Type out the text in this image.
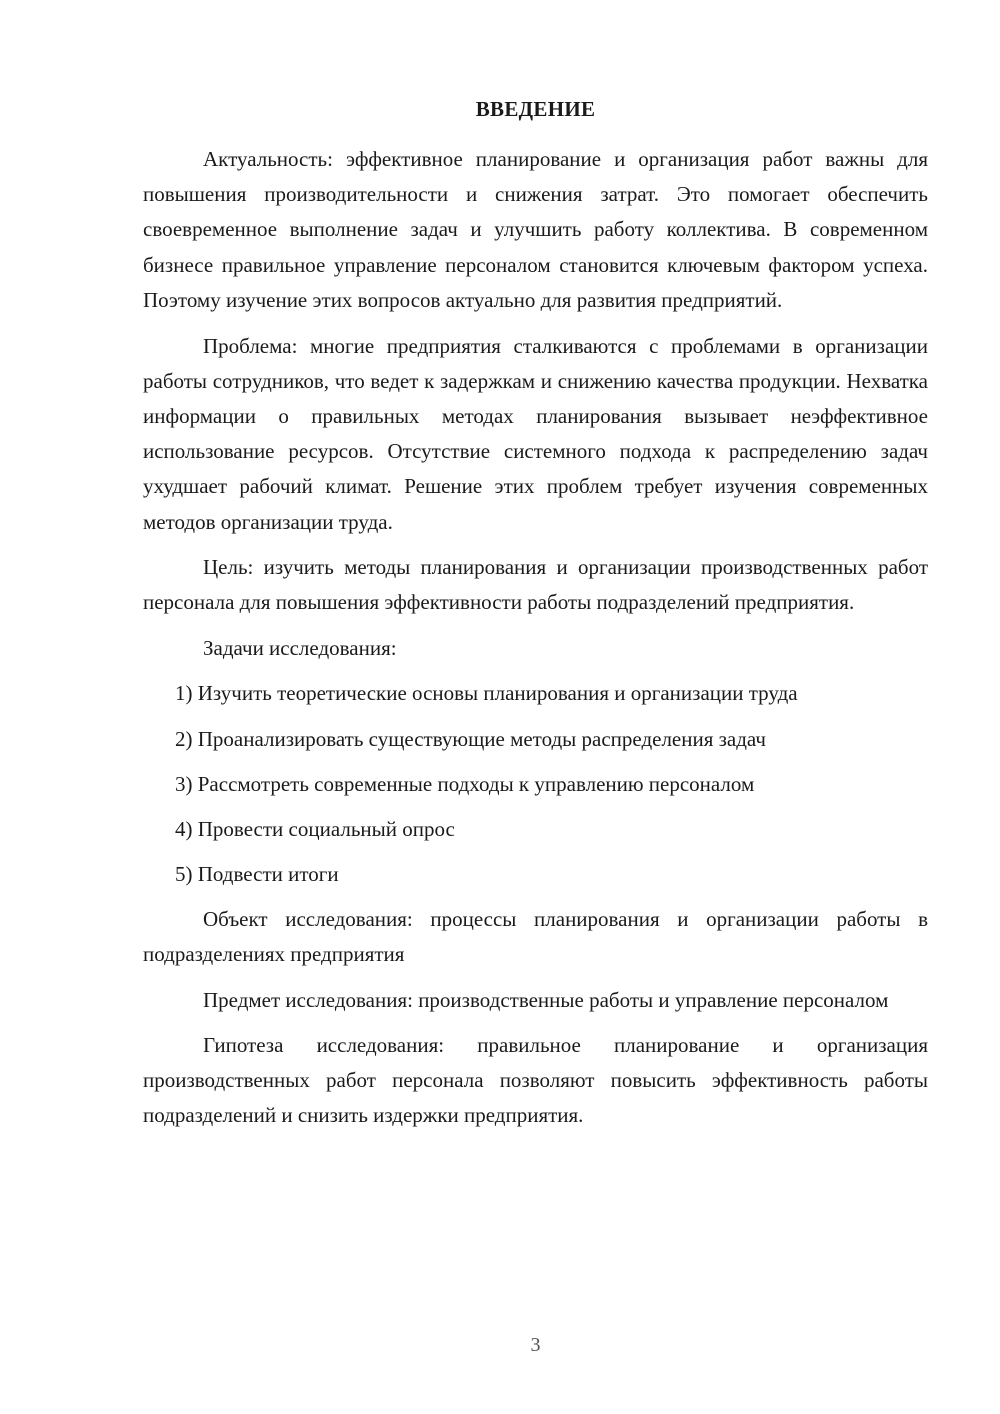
ВВЕДЕНИЕ

Актуальность: эффективное планирование и организация работ важны для повышения производительности и снижения затрат. Это помогает обеспечить своевременное выполнение задач и улучшить работу коллектива. В современном бизнесе правильное управление персоналом становится ключевым фактором успеха. Поэтому изучение этих вопросов актуально для развития предприятий.

Проблема: многие предприятия сталкиваются с проблемами в организации работы сотрудников, что ведет к задержкам и снижению качества продукции. Нехватка информации о правильных методах планирования вызывает неэффективное использование ресурсов. Отсутствие системного подхода к распределению задач ухудшает рабочий климат. Решение этих проблем требует изучения современных методов организации труда.

Цель: изучить методы планирования и организации производственных работ персонала для повышения эффективности работы подразделений предприятия.

Задачи исследования:

1) Изучить теоретические основы планирования и организации труда
2) Проанализировать существующие методы распределения задач
3) Рассмотреть современные подходы к управлению персоналом
4) Провести социальный опрос
5) Подвести итоги

Объект исследования: процессы планирования и организации работы в подразделениях предприятия

Предмет исследования: производственные работы и управление персоналом

Гипотеза исследования: правильное планирование и организация производственных работ персонала позволяют повысить эффективность работы подразделений и снизить издержки предприятия.

3
